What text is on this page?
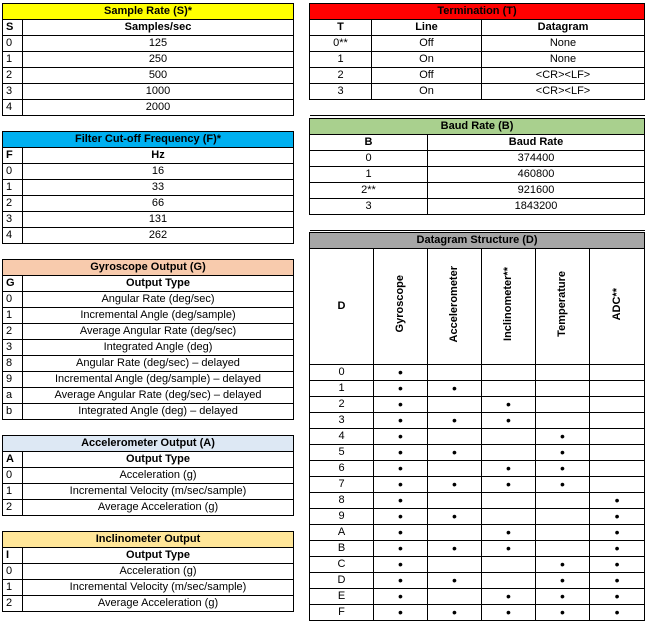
Sample Rate (S)*	
S	Samples/sec
0	125
1	250
2	500
3	1000
4	2000

Filter Cut-off Frequency (F)*	
F	Hz
0	16
1	33
2	66
3	131
4	262

Gyroscope Output (G)	
G	Output Type
0	Angular Rate (deg/sec)
1	Incremental Angle (deg/sample)
2	Average Angular Rate (deg/sec)
3	Integrated Angle (deg)
8	Angular Rate (deg/sec) – delayed
9	Incremental Angle (deg/sample) – delayed
a	Average Angular Rate (deg/sec) – delayed
b	Integrated Angle (deg) – delayed

Accelerometer Output (A)	
A	Output Type
0	Acceleration (g)
1	Incremental Velocity (m/sec/sample)
2	Average Acceleration (g)

Inclinometer Output	
I	Output Type
0	Acceleration (g)
1	Incremental Velocity (m/sec/sample)
2	Average Acceleration (g)
Termination (T)		
T	Line	Datagram
0**	Off	None
1	On	None
2	Off	<CR><LF>
3	On	<CR><LF>

Baud Rate (B)	
B	Baud Rate
0	374400
1	460800
2**	921600
3	1843200

Datagram Structure (D)					
D	Gyroscope	Accelerometer	Inclinometer**	Temperature	ADC**
0	•				
1	•	•			
2	•		•		
3	•	•	•		
4	•			•	
5	•	•		•	
6	•		•	•	
7	•	•	•	•	
8	•				•
9	•	•			•
A	•		•		•
B	•	•	•		•
C	•			•	•
D	•	•		•	•
E	•		•	•	•
F	•	•	•	•	•
